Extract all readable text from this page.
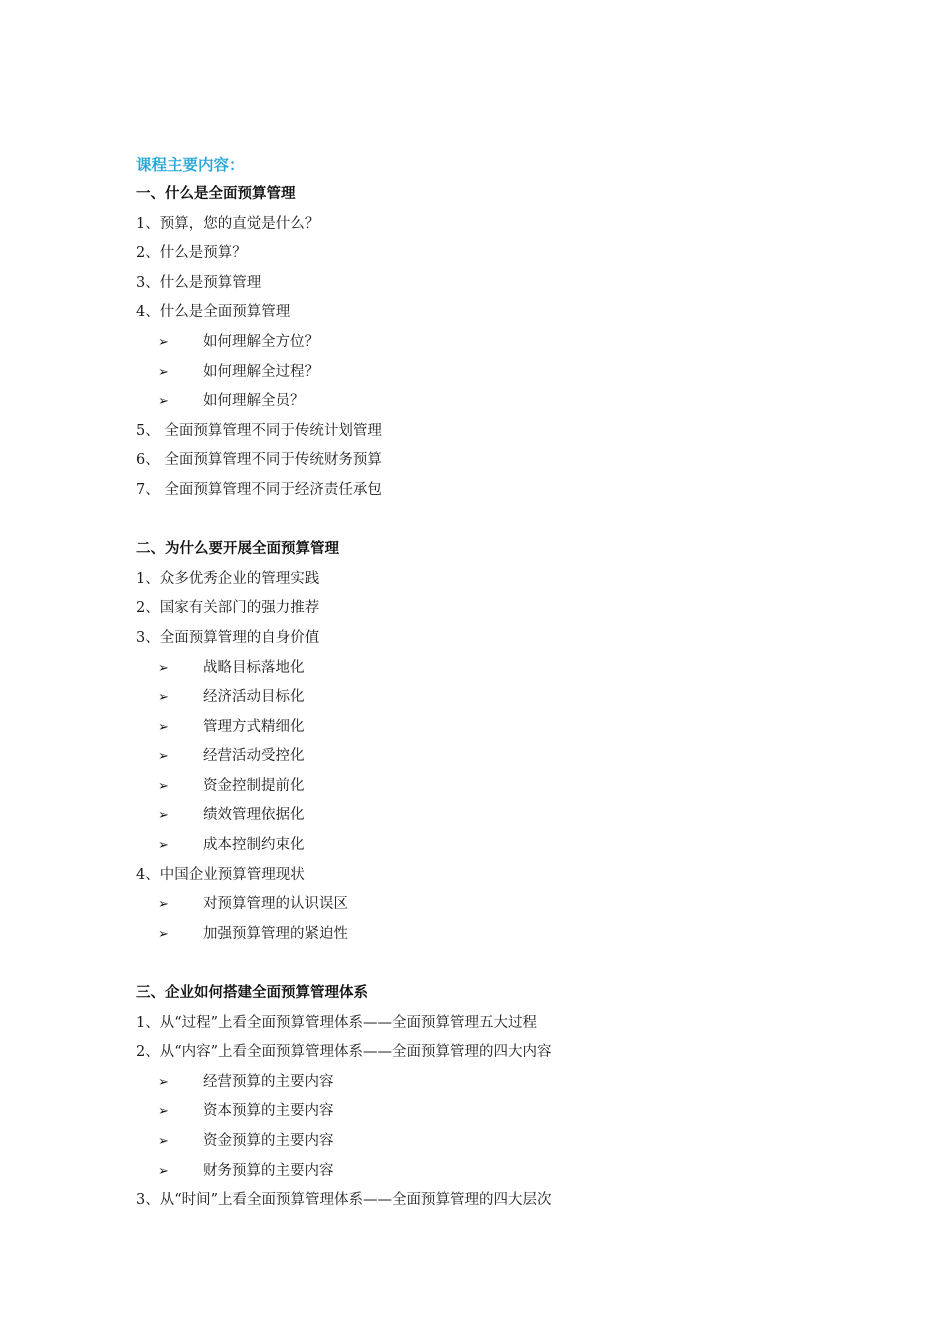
课程主要内容：
一、什么是全面预算管理
1、预算，您的直觉是什么？
2、什么是预算？
3、什么是预算管理
4、什么是全面预算管理
➢ 如何理解全方位？
➢ 如何理解全过程？
➢ 如何理解全员？
5、 全面预算管理不同于传统计划管理
6、 全面预算管理不同于传统财务预算
7、 全面预算管理不同于经济责任承包
二、为什么要开展全面预算管理
1、众多优秀企业的管理实践
2、国家有关部门的强力推荐
3、全面预算管理的自身价值
➢ 战略目标落地化
➢ 经济活动目标化
➢ 管理方式精细化
➢ 经营活动受控化
➢ 资金控制提前化
➢ 绩效管理依据化
➢ 成本控制约束化
4、中国企业预算管理现状
➢ 对预算管理的认识误区
➢ 加强预算管理的紧迫性
三、企业如何搭建全面预算管理体系
1、从“过程”上看全面预算管理体系——全面预算管理五大过程
2、从“内容”上看全面预算管理体系——全面预算管理的四大内容
➢ 经营预算的主要内容
➢ 资本预算的主要内容
➢ 资金预算的主要内容
➢ 财务预算的主要内容
3、从“时间”上看全面预算管理体系——全面预算管理的四大层次
